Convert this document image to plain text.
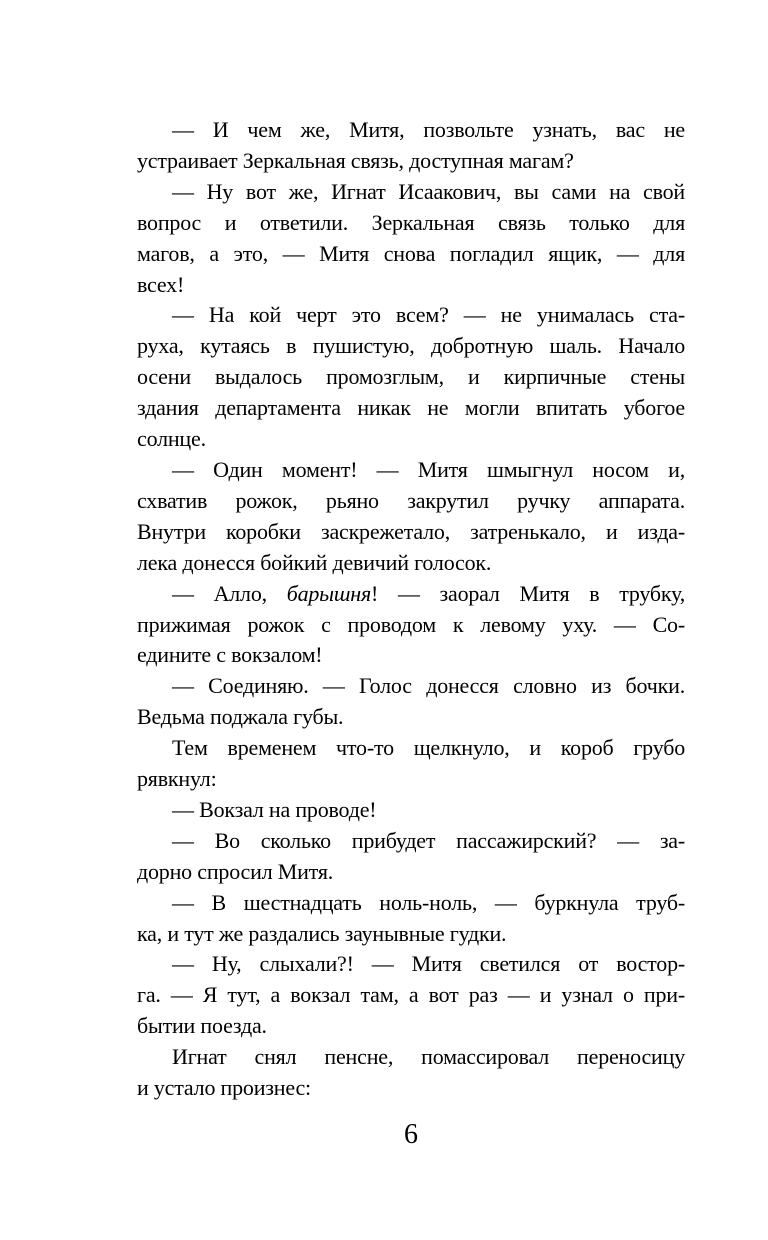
— И чем же, Митя, позвольте узнать, вас не
устраивает Зеркальная связь, доступная магам?
— Ну вот же, Игнат Исаакович, вы сами на свой
вопрос и ответили. Зеркальная связь только для
магов, а это, — Митя снова погладил ящик, — для
всех!
— На кой черт это всем? — не унималась ста-
руха, кутаясь в пушистую, добротную шаль. Начало
осени выдалось промозглым, и кирпичные стены
здания департамента никак не могли впитать убогое
солнце.
— Один момент! — Митя шмыгнул носом и,
схватив рожок, рьяно закрутил ручку аппарата.
Внутри коробки заскрежетало, затренькало, и изда-
лека донесся бойкий девичий голосок.
— Алло, барышня! — заорал Митя в трубку,
прижимая рожок с проводом к левому уху. — Со-
едините с вокзалом!
— Соединяю. — Голос донесся словно из бочки.
Ведьма поджала губы.
Тем временем что-то щелкнуло, и короб грубо
рявкнул:
— Вокзал на проводе!
— Во сколько прибудет пассажирский? — за-
дорно спросил Митя.
— В шестнадцать ноль-ноль, — буркнула труб-
ка, и тут же раздались заунывные гудки.
— Ну, слыхали?! — Митя светился от востор-
га. — Я тут, а вокзал там, а вот раз — и узнал о при-
бытии поезда.
Игнат снял пенсне, помассировал переносицу
и устало произнес:
6
